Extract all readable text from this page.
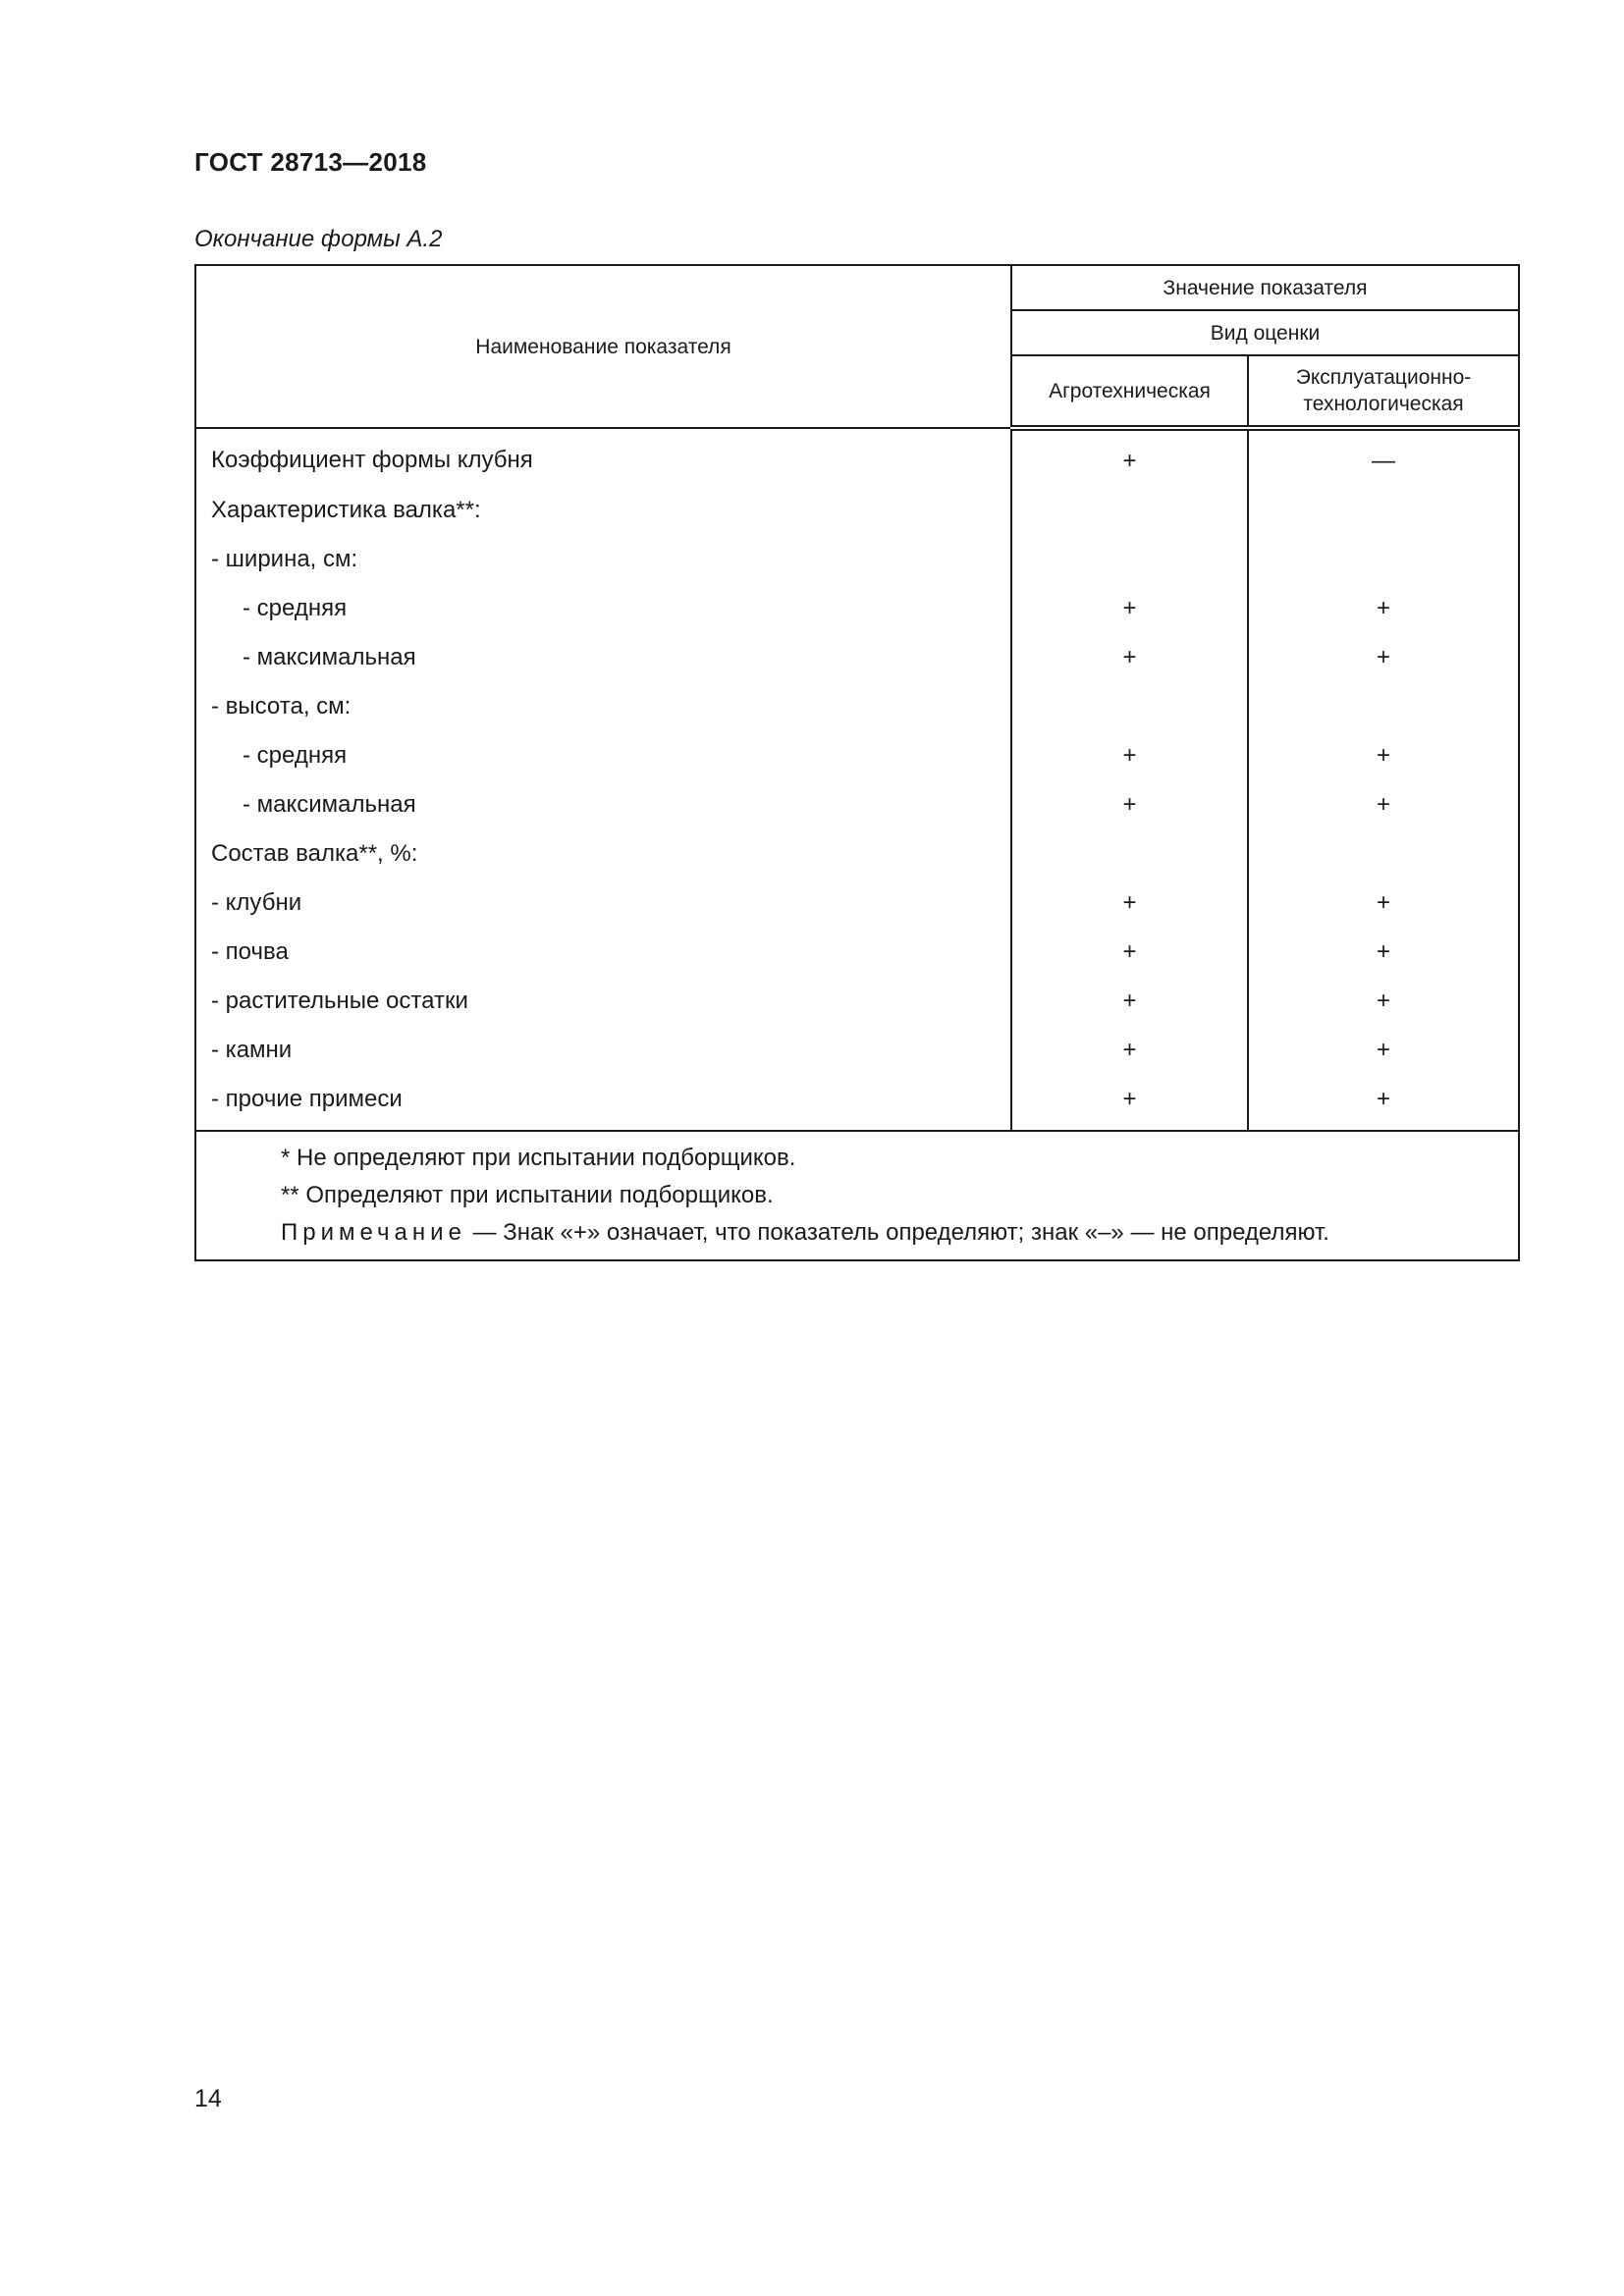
ГОСТ 28713—2018
Окончание формы А.2
Наименование показателя	Значение показателя	
	Вид оценки	
	Агротехническая	Эксплуатационно-
технологическая
Коэффициент формы клубня	+	—
Характеристика валка**:		
- ширина, см:		
- средняя	+	+
- максимальная	+	+
- высота, см:		
- средняя	+	+
- максимальная	+	+
Состав валка**, %:		
- клубни	+	+
- почва	+	+
- растительные остатки	+	+
- камни	+	+
- прочие примеси	+	+

* Не определяют при испытании подборщиков.
** Определяют при испытании подборщиков.
Примечание — Знак «+» означает, что показатель определяют; знак «–» — не определяют.		
14
